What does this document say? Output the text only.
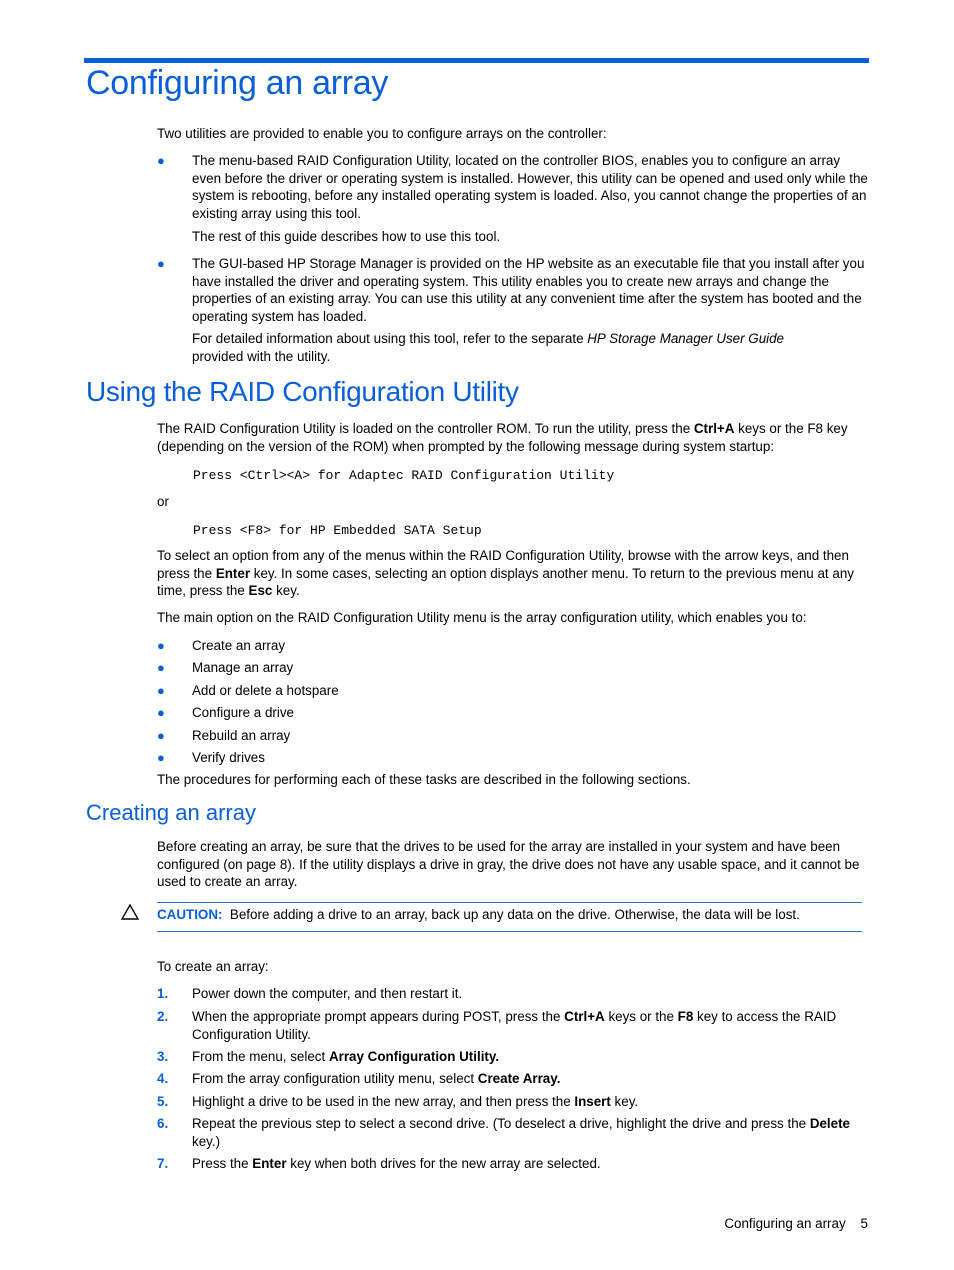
Configuring an array

Two utilities are provided to enable you to configure arrays on the controller:

● The menu-based RAID Configuration Utility, located on the controller BIOS, enables you to configure an array even before the driver or operating system is installed. However, this utility can be opened and used only while the system is rebooting, before any installed operating system is loaded. Also, you cannot change the properties of an existing array using this tool.

The rest of this guide describes how to use this tool.

● The GUI-based HP Storage Manager is provided on the HP website as an executable file that you install after you have installed the driver and operating system. This utility enables you to create new arrays and change the properties of an existing array. You can use this utility at any convenient time after the system has booted and the operating system has loaded.

For detailed information about using this tool, refer to the separate HP Storage Manager User Guide
provided with the utility.

Using the RAID Configuration Utility

The RAID Configuration Utility is loaded on the controller ROM. To run the utility, press the Ctrl+A keys or the F8 key (depending on the version of the ROM) when prompted by the following message during system startup:

Press <Ctrl><A> for Adaptec RAID Configuration Utility

or

Press <F8> for HP Embedded SATA Setup

To select an option from any of the menus within the RAID Configuration Utility, browse with the arrow keys, and then press the Enter key. In some cases, selecting an option displays another menu. To return to the previous menu at any time, press the Esc key.

The main option on the RAID Configuration Utility menu is the array configuration utility, which enables you to:

● Create an array

● Manage an array

● Add or delete a hotspare

● Configure a drive

● Rebuild an array

● Verify drives

The procedures for performing each of these tasks are described in the following sections.

Creating an array

Before creating an array, be sure that the drives to be used for the array are installed in your system and have been configured (on page 8). If the utility displays a drive in gray, the drive does not have any usable space, and it cannot be used to create an array.

CAUTION: Before adding a drive to an array, back up any data on the drive. Otherwise, the data will be lost.

To create an array:

1.	Power down the computer, and then restart it.

2.	When the appropriate prompt appears during POST, press the Ctrl+A keys or the F8 key to access the RAID Configuration Utility.

3.	From the menu, select Array Configuration Utility.

4.	From the array configuration utility menu, select Create Array.

5.	Highlight a drive to be used in the new array, and then press the Insert key.

6.	Repeat the previous step to select a second drive. (To deselect a drive, highlight the drive and press the Delete key.)

7.	Press the Enter key when both drives for the new array are selected.

Configuring an array 5
